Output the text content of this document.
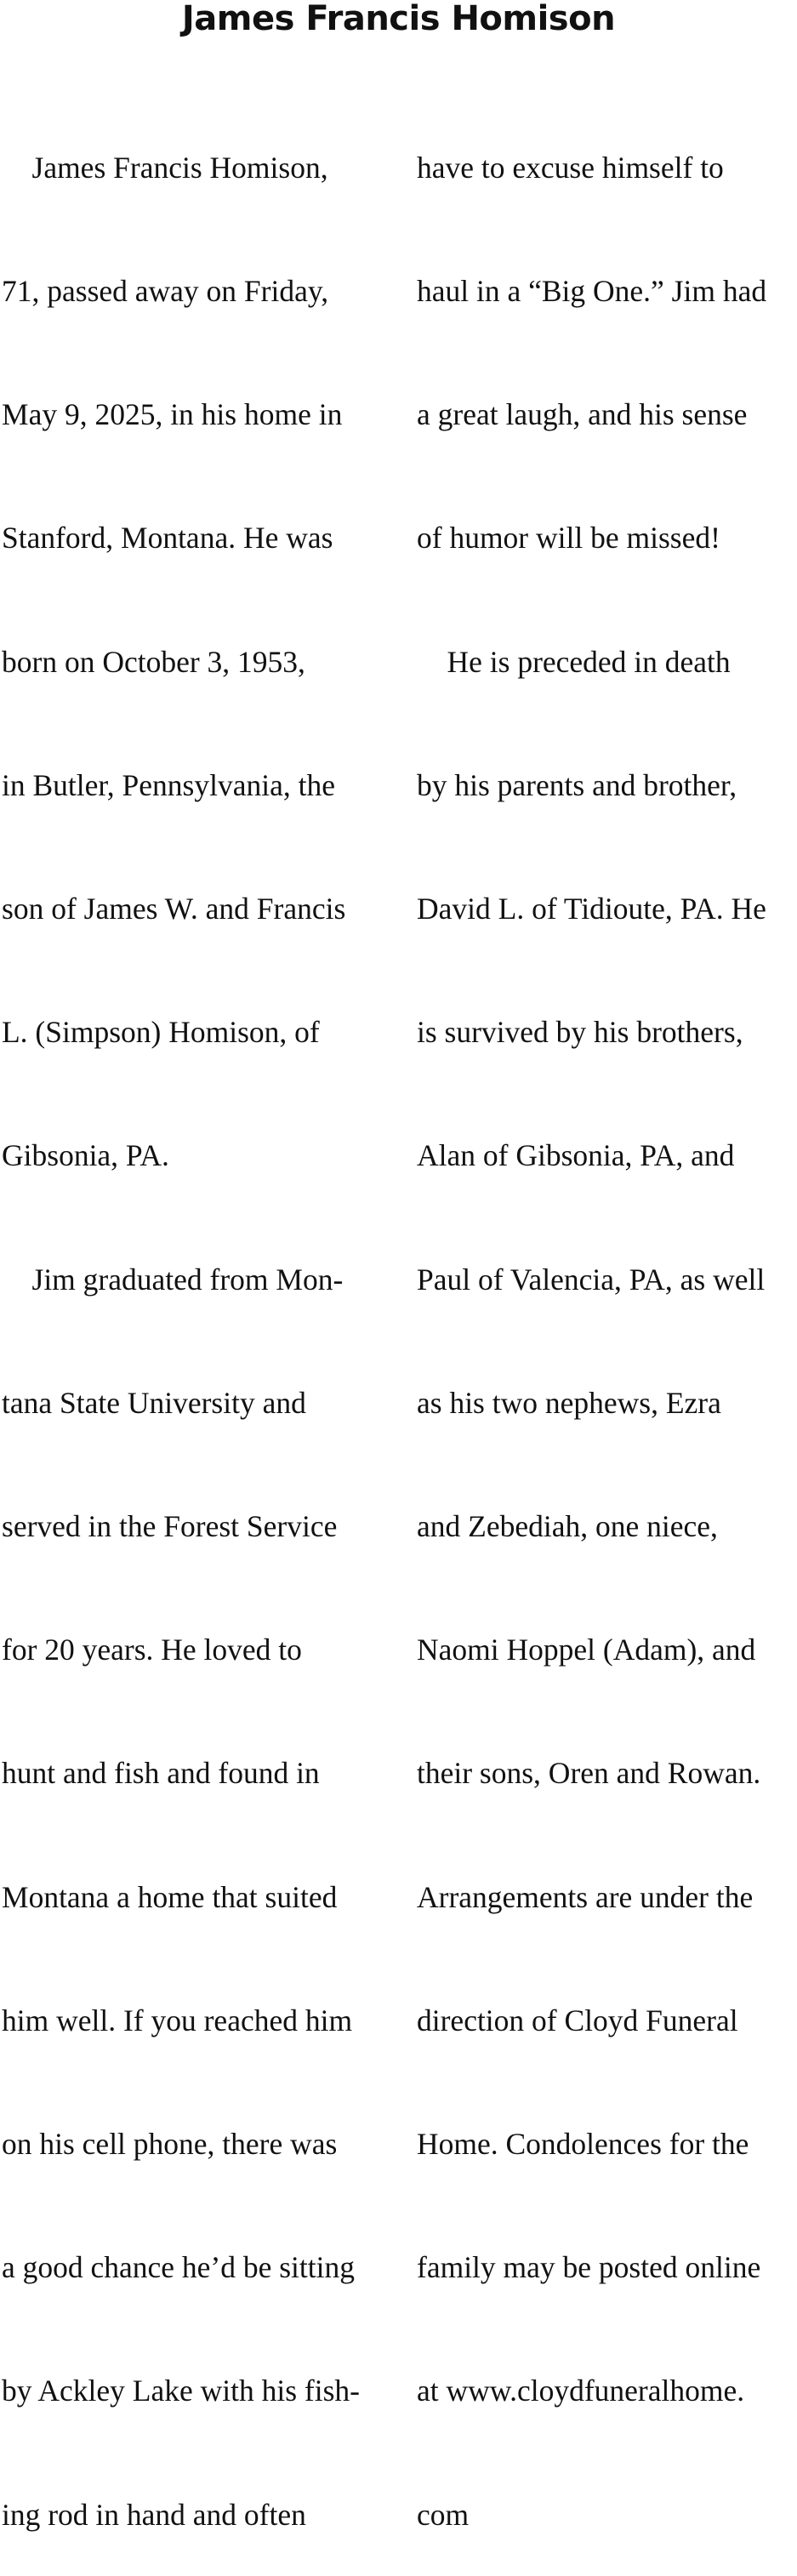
James Francis Homison

James Francis Homison,

71, passed away on Friday,

May 9, 2025, in his home in

Stanford, Montana. He was

born on October 3, 1953,

in Butler, Pennsylvania, the

son of James W. and Francis

L. (Simpson) Homison, of

Gibsonia, PA.

Jim graduated from Mon-

tana State University and

served in the Forest Service

for 20 years. He loved to

hunt and fish and found in

Montana a home that suited

him well. If you reached him

on his cell phone, there was

a good chance he’d be sitting

by Ackley Lake with his fish-

ing rod in hand and often

have to excuse himself to

haul in a “Big One.” Jim had

a great laugh, and his sense

of humor will be missed!

He is preceded in death

by his parents and brother,

David L. of Tidioute, PA. He

is survived by his brothers,

Alan of Gibsonia, PA, and

Paul of Valencia, PA, as well

as his two nephews, Ezra

and Zebediah, one niece,

Naomi Hoppel (Adam), and

their sons, Oren and Rowan.

Arrangements are under the

direction of Cloyd Funeral

Home. Condolences for the

family may be posted online

at www.cloydfuneralhome.

com
